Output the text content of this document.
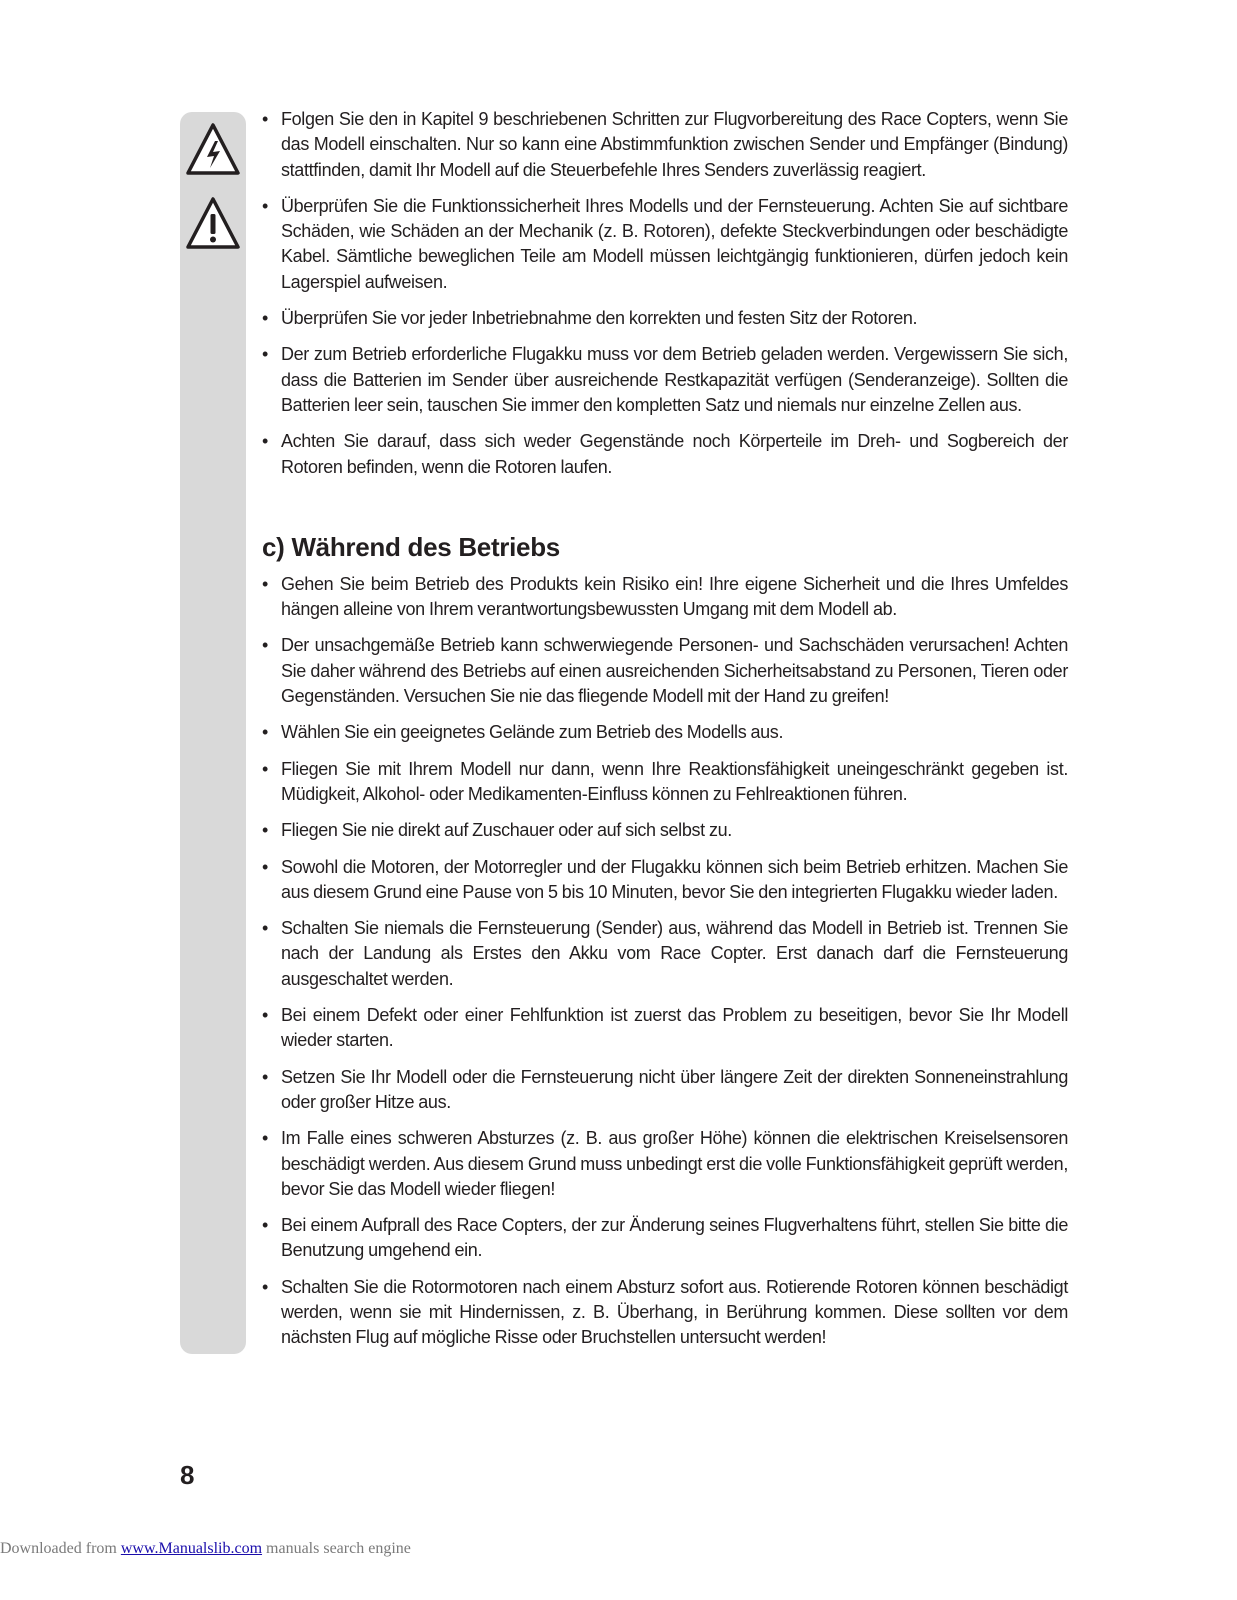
• Folgen Sie den in Kapitel 9 beschriebenen Schritten zur Flugvorbereitung des Race Copters, wenn Sie das Modell einschalten. Nur so kann eine Abstimmfunktion zwischen Sender und Empfänger (Bindung) stattfinden, damit Ihr Modell auf die Steuerbefehle Ihres Senders zuverlässig reagiert.
• Überprüfen Sie die Funktionssicherheit Ihres Modells und der Fernsteuerung. Achten Sie auf sichtbare Schäden, wie Schäden an der Mechanik (z. B. Rotoren), defekte Steckverbindungen oder beschädigte Kabel. Sämtliche beweglichen Teile am Modell müssen leichtgängig funktionieren, dürfen jedoch kein Lagerspiel aufweisen.
• Überprüfen Sie vor jeder Inbetriebnahme den korrekten und festen Sitz der Rotoren.
• Der zum Betrieb erforderliche Flugakku muss vor dem Betrieb geladen werden. Vergewissern Sie sich, dass die Batterien im Sender über ausreichende Restkapazität verfügen (Senderanzeige). Sollten die Batterien leer sein, tauschen Sie immer den kompletten Satz und niemals nur einzelne Zellen aus.
• Achten Sie darauf, dass sich weder Gegenstände noch Körperteile im Dreh- und Sogbereich der Rotoren befinden, wenn die Rotoren laufen.
c) Während des Betriebs
• Gehen Sie beim Betrieb des Produkts kein Risiko ein! Ihre eigene Sicherheit und die Ihres Umfeldes hängen alleine von Ihrem verantwortungsbewussten Umgang mit dem Modell ab.
• Der unsachgemäße Betrieb kann schwerwiegende Personen- und Sachschäden verursachen! Achten Sie daher während des Betriebs auf einen ausreichenden Sicherheitsabstand zu Personen, Tieren oder Gegenständen. Versuchen Sie nie das fliegende Modell mit der Hand zu greifen!
• Wählen Sie ein geeignetes Gelände zum Betrieb des Modells aus.
• Fliegen Sie mit Ihrem Modell nur dann, wenn Ihre Reaktionsfähigkeit uneingeschränkt gegeben ist. Müdigkeit, Alkohol- oder Medikamenten-Einfluss können zu Fehlreaktionen führen.
• Fliegen Sie nie direkt auf Zuschauer oder auf sich selbst zu.
• Sowohl die Motoren, der Motorregler und der Flugakku können sich beim Betrieb erhitzen. Machen Sie aus diesem Grund eine Pause von 5 bis 10 Minuten, bevor Sie den integrierten Flugakku wieder laden.
• Schalten Sie niemals die Fernsteuerung (Sender) aus, während das Modell in Betrieb ist. Trennen Sie nach der Landung als Erstes den Akku vom Race Copter. Erst danach darf die Fernsteuerung ausgeschaltet werden.
• Bei einem Defekt oder einer Fehlfunktion ist zuerst das Problem zu beseitigen, bevor Sie Ihr Modell wieder starten.
• Setzen Sie Ihr Modell oder die Fernsteuerung nicht über längere Zeit der direkten Sonneneinstrahlung oder großer Hitze aus.
• Im Falle eines schweren Absturzes (z. B. aus großer Höhe) können die elektrischen Kreiselsensoren beschädigt werden. Aus diesem Grund muss unbedingt erst die volle Funktionsfähigkeit geprüft werden, bevor Sie das Modell wieder fliegen!
• Bei einem Aufprall des Race Copters, der zur Änderung seines Flugverhaltens führt, stellen Sie bitte die Benutzung umgehend ein.
• Schalten Sie die Rotormotoren nach einem Absturz sofort aus. Rotierende Rotoren können beschädigt werden, wenn sie mit Hindernissen, z. B. Überhang, in Berührung kommen. Diese sollten vor dem nächsten Flug auf mögliche Risse oder Bruchstellen untersucht werden!
8
Downloaded from www.Manualslib.com manuals search engine
